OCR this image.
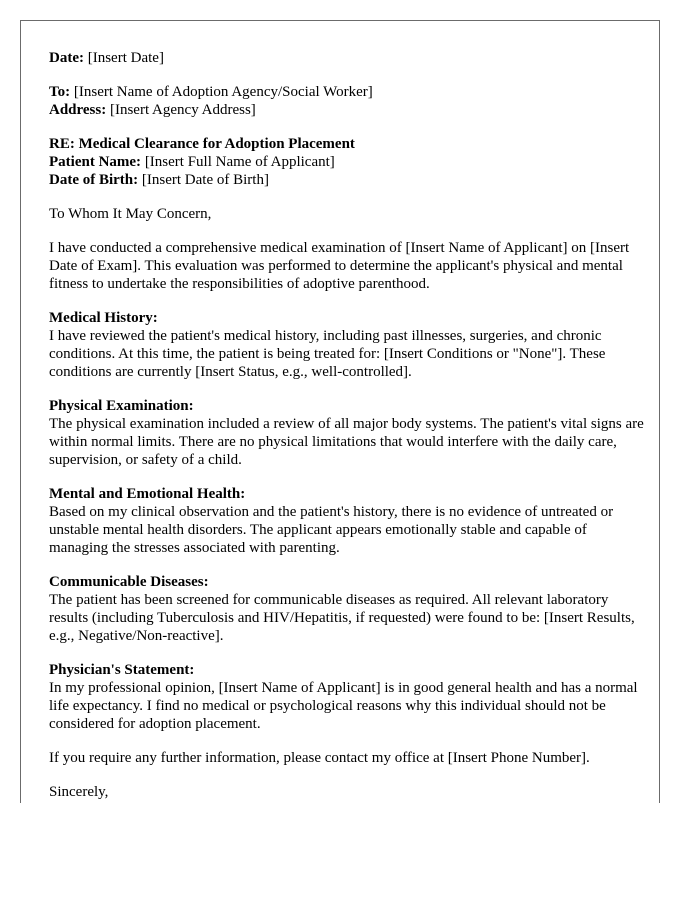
Date: [Insert Date]
To: [Insert Name of Adoption Agency/Social Worker]
Address: [Insert Agency Address]
RE: Medical Clearance for Adoption Placement
Patient Name: [Insert Full Name of Applicant]
Date of Birth: [Insert Date of Birth]

To Whom It May Concern,

I have conducted a comprehensive medical examination of [Insert Name of Applicant] on [Insert Date of Exam]. This evaluation was performed to determine the applicant's physical and mental fitness to undertake the responsibilities of adoptive parenthood.

Medical History:

I have reviewed the patient's medical history, including past illnesses, surgeries, and chronic conditions. At this time, the patient is being treated for: [Insert Conditions or "None"]. These conditions are currently [Insert Status, e.g., well-controlled].

Physical Examination:

The physical examination included a review of all major body systems. The patient's vital signs are within normal limits. There are no physical limitations that would interfere with the daily care, supervision, or safety of a child.

Mental and Emotional Health:

Based on my clinical observation and the patient's history, there is no evidence of untreated or unstable mental health disorders. The applicant appears emotionally stable and capable of managing the stresses associated with parenting.

Communicable Diseases:

The patient has been screened for communicable diseases as required. All relevant laboratory results (including Tuberculosis and HIV/Hepatitis, if requested) were found to be: [Insert Results, e.g., Negative/Non-reactive].

Physician's Statement:

In my professional opinion, [Insert Name of Applicant] is in good general health and has a normal life expectancy. I find no medical or psychological reasons why this individual should not be considered for adoption placement.

If you require any further information, please contact my office at [Insert Phone Number].

Sincerely,
